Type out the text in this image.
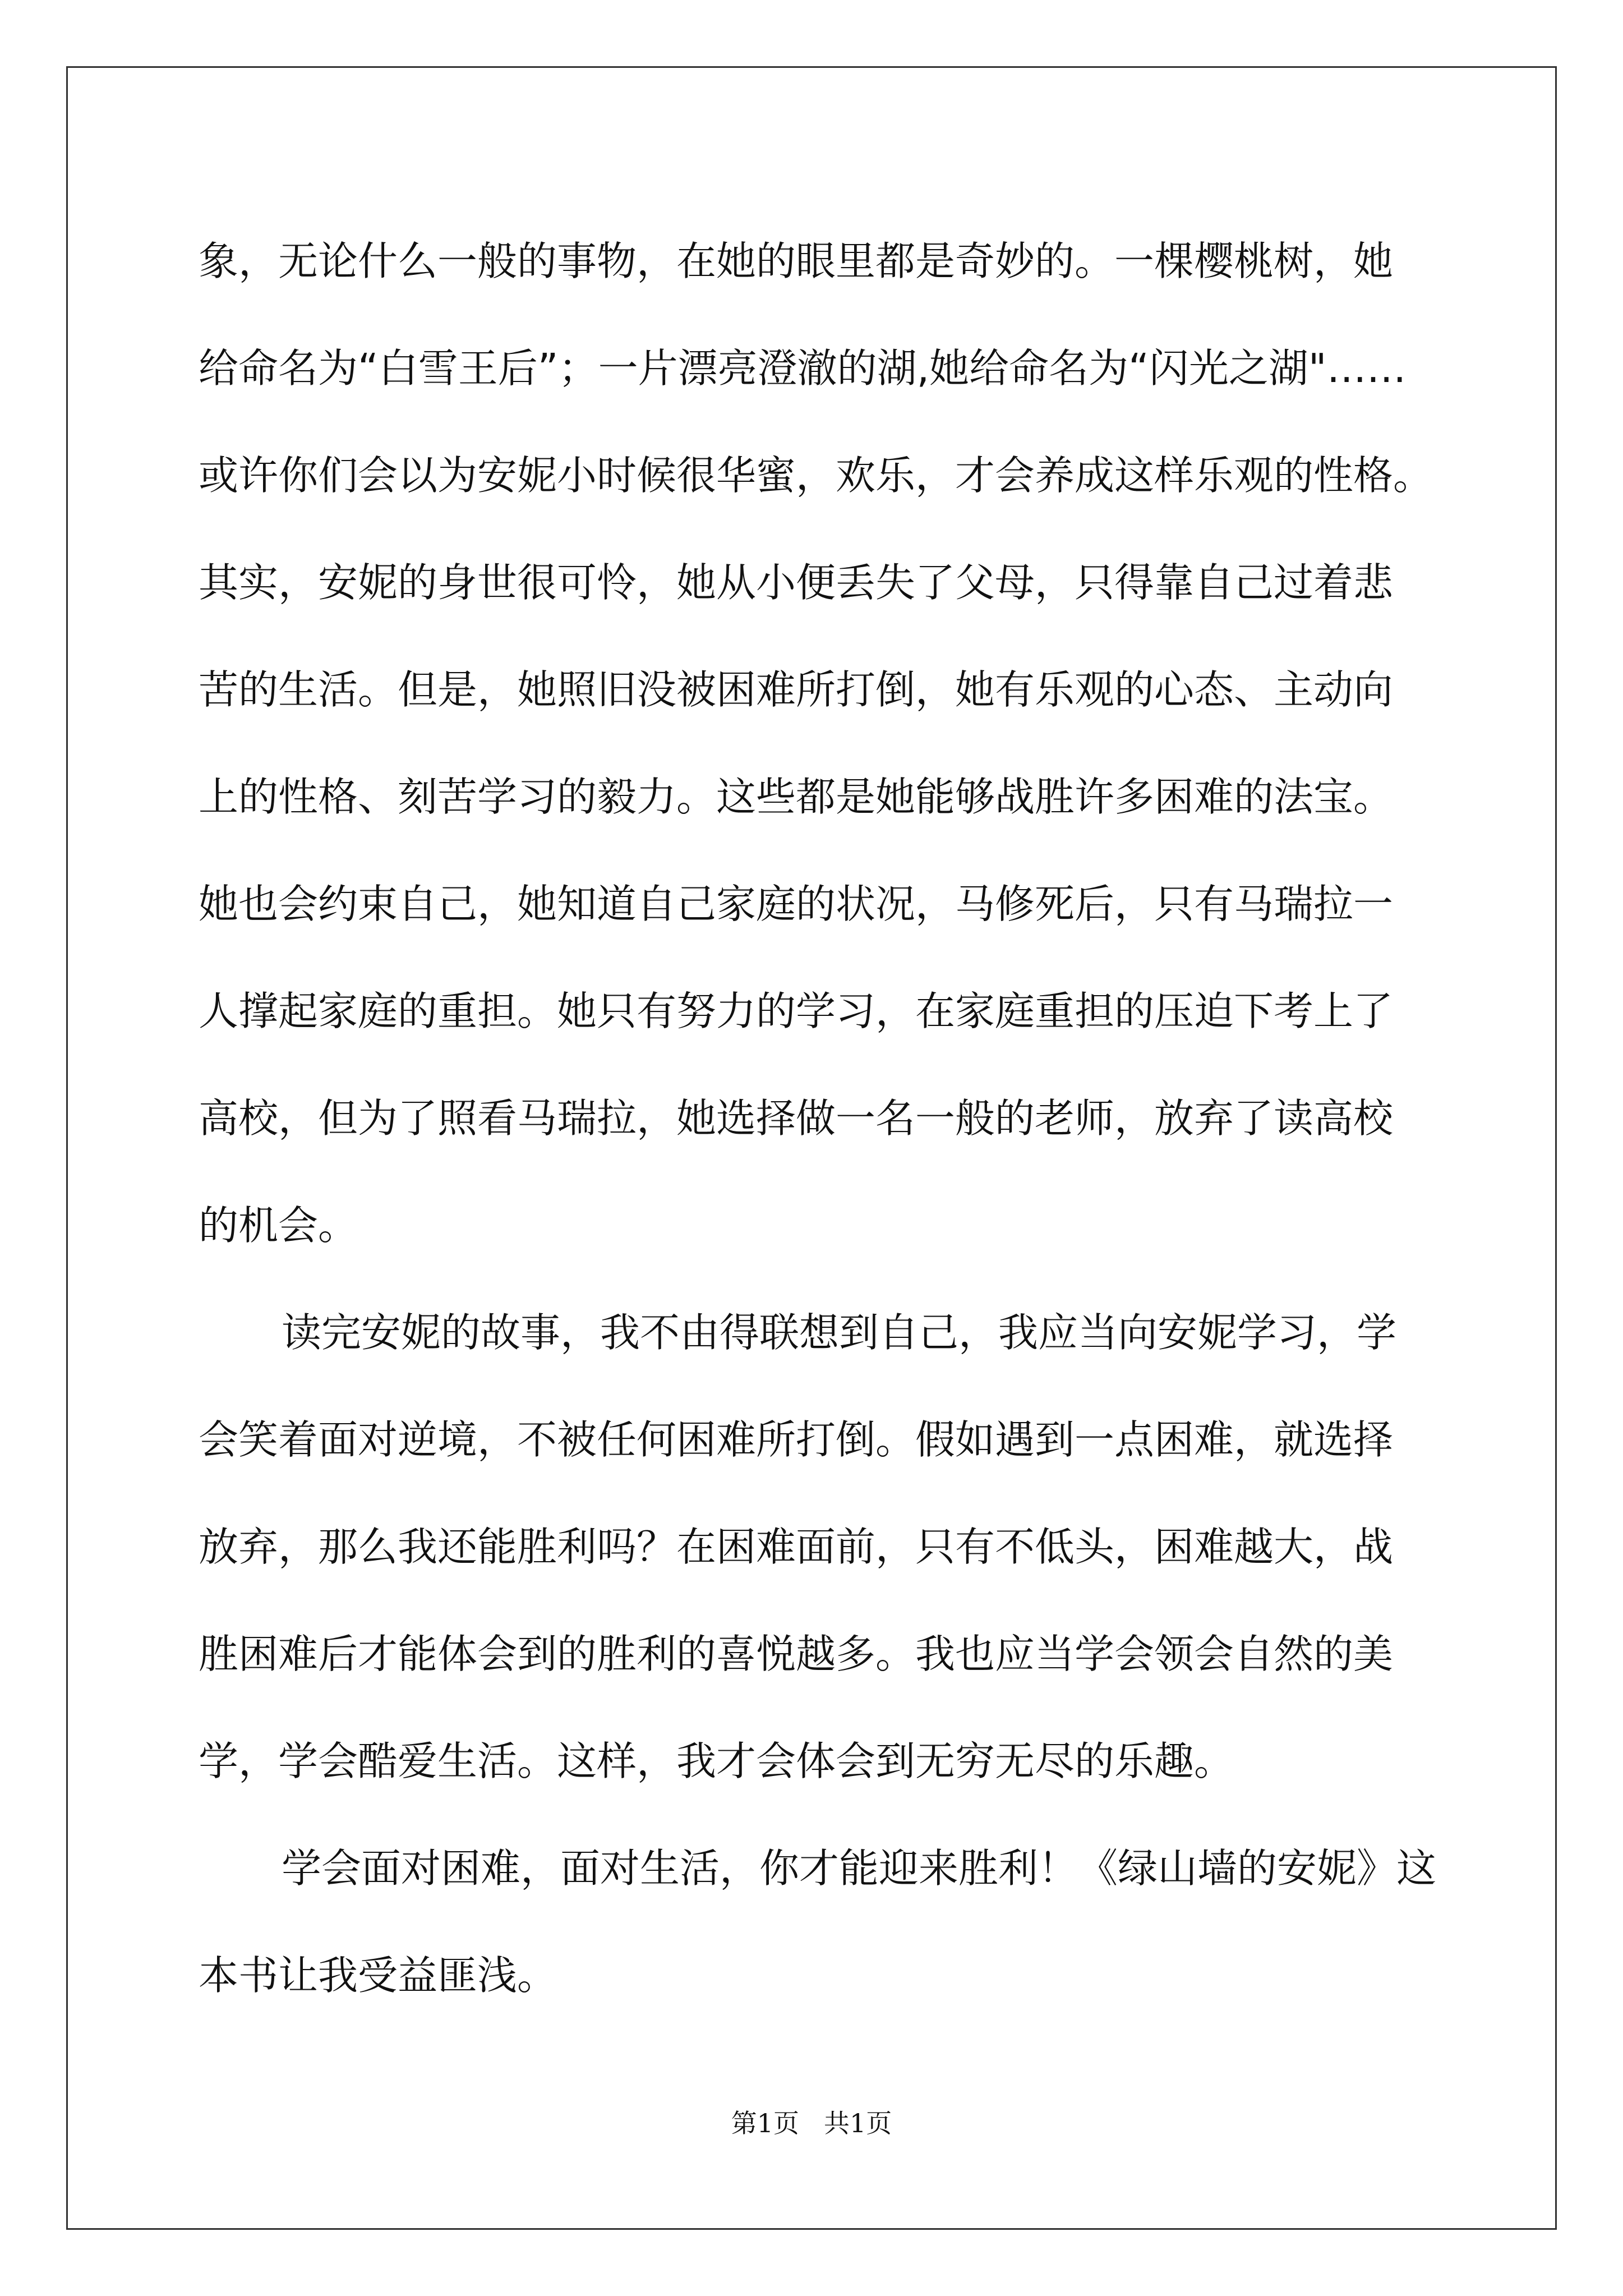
象，无论什么一般的事物，在她的眼里都是奇妙的。一棵樱桃树，她
给命名为“白雪王后”；一片漂亮澄澈的湖,她给命名为“闪光之湖"……
或许你们会以为安妮小时候很华蜜，欢乐，才会养成这样乐观的性格。
其实，安妮的身世很可怜，她从小便丢失了父母，只得靠自己过着悲
苦的生活。但是，她照旧没被困难所打倒，她有乐观的心态、主动向
上的性格、刻苦学习的毅力。这些都是她能够战胜许多困难的法宝。
她也会约束自己，她知道自己家庭的状况，马修死后，只有马瑞拉一
人撑起家庭的重担。她只有努力的学习，在家庭重担的压迫下考上了
高校，但为了照看马瑞拉，她选择做一名一般的老师，放弃了读高校
的机会。
读完安妮的故事，我不由得联想到自己，我应当向安妮学习，学
会笑着面对逆境，不被任何困难所打倒。假如遇到一点困难，就选择
放弃，那么我还能胜利吗？在困难面前，只有不低头，困难越大，战
胜困难后才能体会到的胜利的喜悦越多。我也应当学会领会自然的美
学，学会酷爱生活。这样，我才会体会到无穷无尽的乐趣。
学会面对困难，面对生活，你才能迎来胜利！《绿山墙的安妮》这
本书让我受益匪浅。
第1页 共1页
